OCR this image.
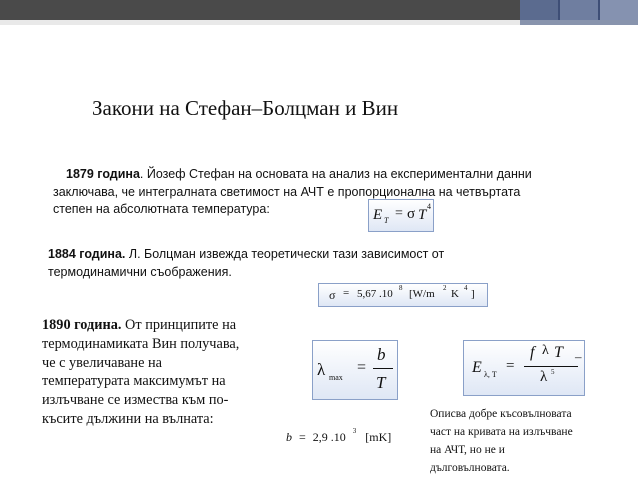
Закони на Стефан–Болцман и Вин
1879 година. Йозеф Стефан на основата на анализ на експериментални данни
заключава, че интегралната светимост на АЧТ е пропорционална на четвъртата
степен на абсолютната температура:	E T = σ T
4
1884 година. Л. Болцман извежда теоретически тази зависимост от
термодинамични съображения.
σ = 5,67 .10 8 [W/m 2 K 4 ]
1890 година. От принципите на
термодинамиката Вин получава,
че с увеличаване на
температурата максимумът на
излъчване се измества към по-
късите дължини на вълната:
λ max
=
b
T
E λ, T
=
f λ T –
λ 5
b = 2,9 .10 $^3$ [mK]
Описва добре късовълновата
част на кривата на излъчване
на АЧТ, но не и
дълговълновата.
